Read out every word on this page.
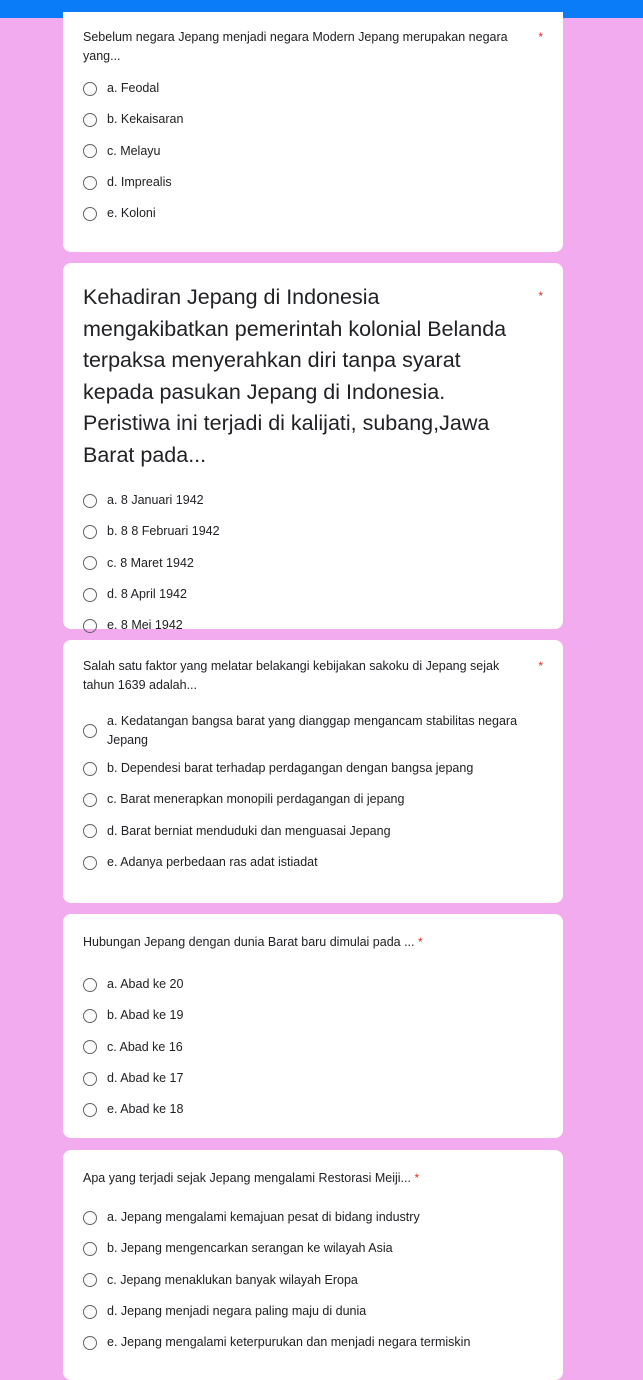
Sebelum negara Jepang menjadi negara Modern Jepang merupakan negara yang...
*

a. Feodal
b. Kekaisaran
c. Melayu
d. Imprealis
e. Koloni

Kehadiran Jepang di Indonesia mengakibatkan pemerintah kolonial Belanda terpaksa menyerahkan diri tanpa syarat kepada pasukan Jepang di Indonesia. Peristiwa ini terjadi di kalijati, subang,Jawa Barat pada...
*

a. 8 Januari 1942
b. 8 8 Februari 1942
c. 8 Maret 1942
d. 8 April 1942
e. 8 Mei 1942

Salah satu faktor yang melatar belakangi kebijakan sakoku di Jepang sejak tahun 1639 adalah...
*

a. Kedatangan bangsa barat yang dianggap mengancam stabilitas negara Jepang
b. Dependesi barat terhadap perdagangan dengan bangsa jepang
c. Barat menerapkan monopili perdagangan di jepang
d. Barat berniat menduduki dan menguasai Jepang
e. Adanya perbedaan ras adat istiadat

Hubungan Jepang dengan dunia Barat baru dimulai pada ... *

a. Abad ke 20
b. Abad ke 19
c. Abad ke 16
d. Abad ke 17
e. Abad ke 18

Apa yang terjadi sejak Jepang mengalami Restorasi Meiji... *

a. Jepang mengalami kemajuan pesat di bidang industry
b. Jepang mengencarkan serangan ke wilayah Asia
c. Jepang menaklukan banyak wilayah Eropa
d. Jepang menjadi negara paling maju di dunia
e. Jepang mengalami keterpurukan dan menjadi negara termiskin
